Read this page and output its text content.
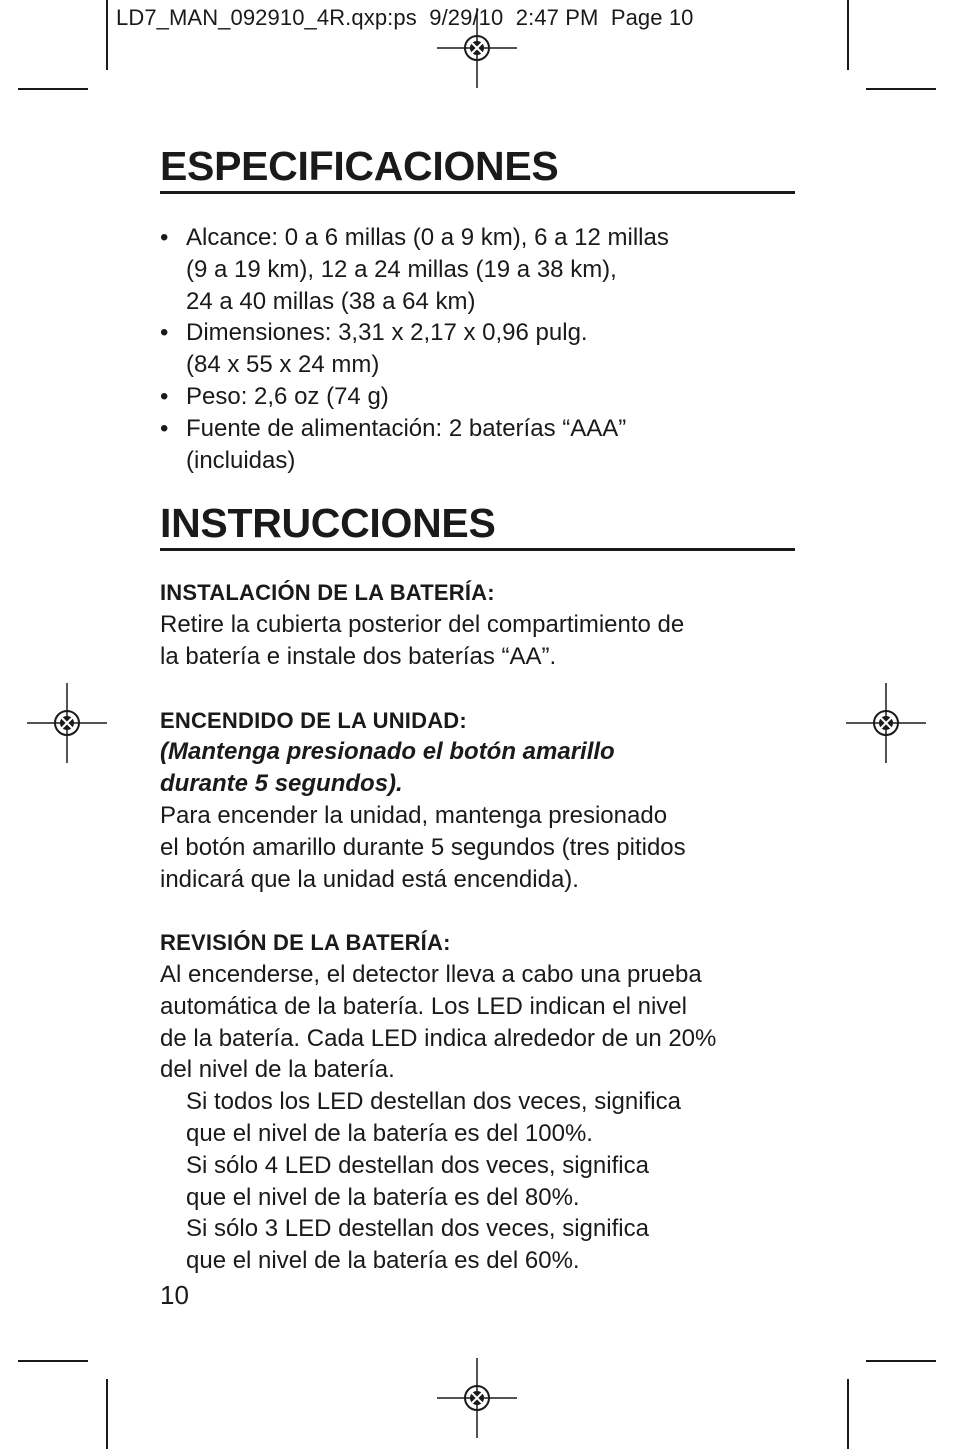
LD7_MAN_092910_4R.qxp:ps  9/29/10  2:47 PM  Page 10
ESPECIFICACIONES
• Alcance: 0 a 6 millas (0 a 9 km), 6 a 12 millas
(9 a 19 km), 12 a 24 millas (19 a 38 km),
24 a 40 millas (38 a 64 km)
• Dimensiones: 3,31 x 2,17 x 0,96 pulg.
(84 x 55 x 24 mm)
• Peso: 2,6 oz (74 g)
• Fuente de alimentación: 2 baterías “AAA”
(incluidas)
INSTRUCCIONES
INSTALACIÓN DE LA BATERÍA:
Retire la cubierta posterior del compartimiento de
la batería e instale dos baterías “AA”.
ENCENDIDO DE LA UNIDAD:
(Mantenga presionado el botón amarillo
durante 5 segundos).
Para encender la unidad, mantenga presionado
el botón amarillo durante 5 segundos (tres pitidos
indicará que la unidad está encendida).
REVISIÓN DE LA BATERÍA:
Al encenderse, el detector lleva a cabo una prueba
automática de la batería. Los LED indican el nivel
de la batería. Cada LED indica alrededor de un 20%
del nivel de la batería.
Si todos los LED destellan dos veces, significa
que el nivel de la batería es del 100%.
Si sólo 4 LED destellan dos veces, significa
que el nivel de la batería es del 80%.
Si sólo 3 LED destellan dos veces, significa
que el nivel de la batería es del 60%.
10
